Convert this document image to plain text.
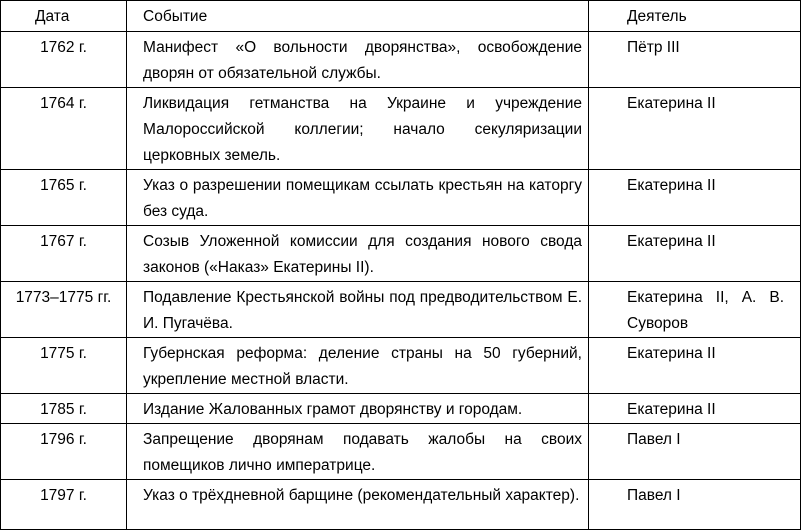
Дата	Событие	Деятель
1762 г.	Манифест «О вольности дворянства», освобождение дворян от обязательной службы.	Пётр III
1764 г.	Ликвидация гетманства на Украине и учреждение Малороссийской коллегии; начало секуляризации церковных земель.	Екатерина II
1765 г.	Указ о разрешении помещикам ссылать крестьян на каторгу без суда.	Екатерина II
1767 г.	Созыв Уложенной комиссии для создания нового свода законов («Наказ» Екатерины II).	Екатерина II
1773–1775 гг.	Подавление Крестьянской войны под предводительством Е. И. Пугачёва.	Екатерина II, А. В. Суворов
1775 г.	Губернская реформа: деление страны на 50 губерний, укрепление местной власти.	Екатерина II
1785 г.	Издание Жалованных грамот дворянству и городам.	Екатерина II
1796 г.	Запрещение дворянам подавать жалобы на своих помещиков лично императрице.	Павел I
1797 г.	Указ о трёхдневной барщине (рекомендательный характер).	Павел I
